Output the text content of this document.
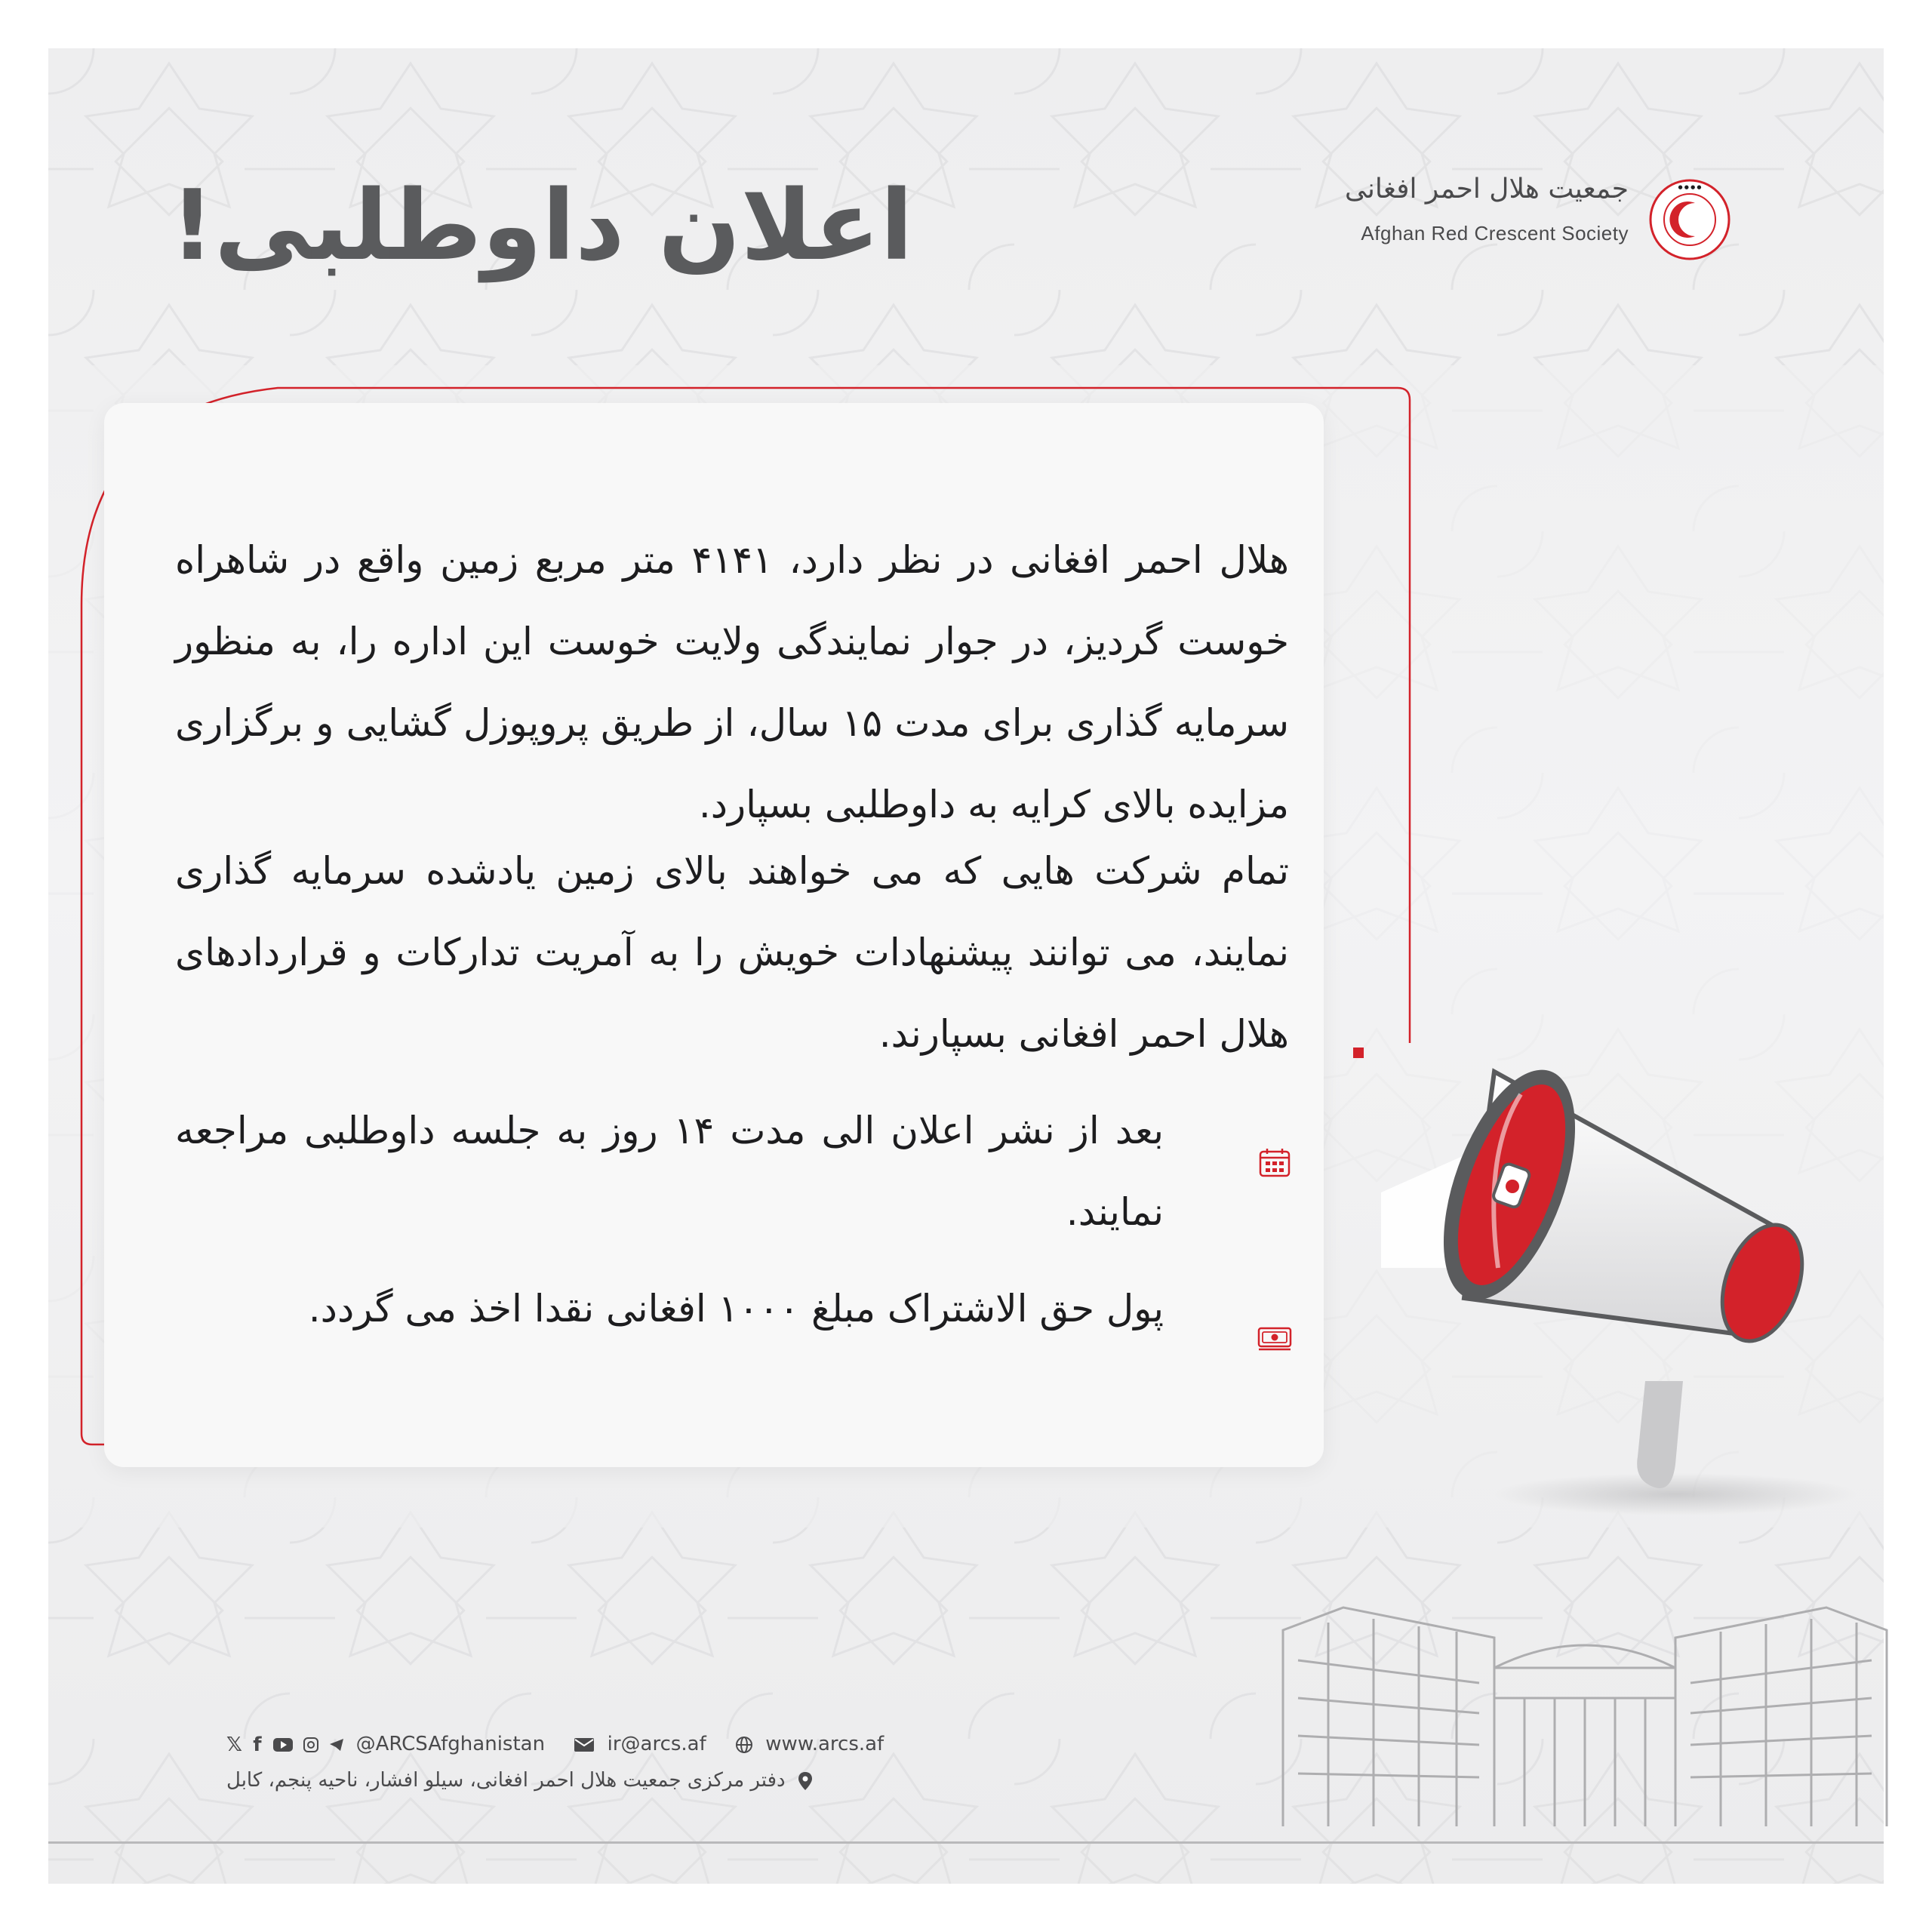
اعلان داوطلبی!	جمعیت هلال احمر افغانی
Afghan Red Crescent Society
● ● ● ●

هلال احمر افغانی در نظر دارد، ۴۱۴۱ متر مربع زمین واقع در شاهراه خوست گردیز، در جوار نمایندگی ولایت خوست این اداره را، به منظور سرمایه گذاری برای مدت ۱۵ سال، از طریق پروپوزل گشایی و برگزاری مزایده بالای کرایه به داوطلبی بسپارد.

تمام شرکت هایی که می خواهند بالای زمین یادشده سرمایه گذاری نمایند، می توانند پیشنهادات خویش را به آمریت تدارکات و قراردادهای هلال احمر افغانی بسپارند.

بعد از نشر اعلان الی مدت ۱۴ روز به جلسه داوطلبی مراجعه نمایند.

پول حق الاشتراک مبلغ ۱۰۰۰ افغانی نقدا اخذ می گردد.

𝕏 f	@ARCSAfghanistan	ir@arcs.af	www.arcs.af
دفتر مرکزی جمعیت هلال احمر افغانی، سیلو افشار، ناحیه پنجم، کابل
